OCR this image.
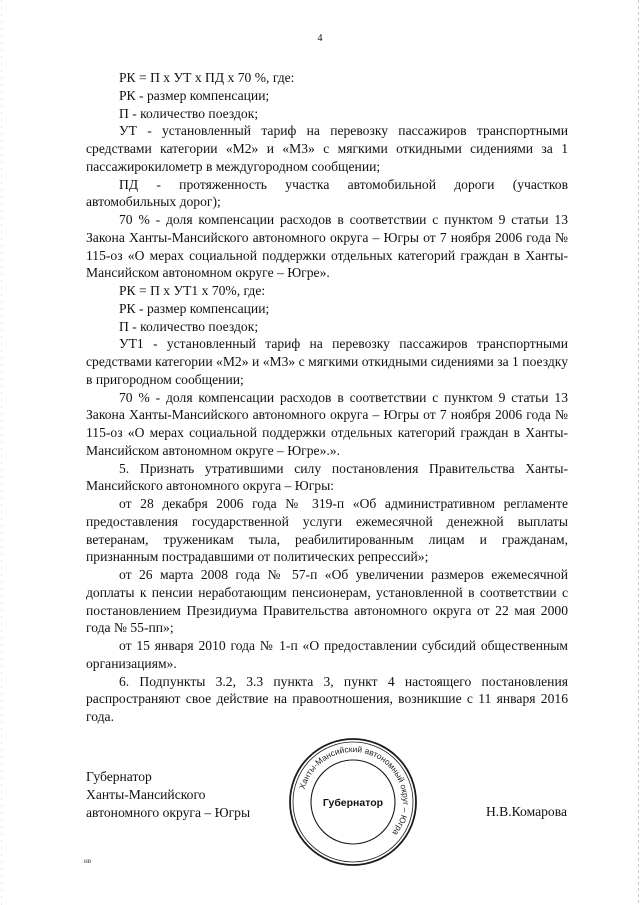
4

РК = П х УТ х ПД х 70 %, где:

РК - размер компенсации;

П - количество поездок;

УТ - установленный тариф на перевозку пассажиров транспортными средствами категории «М2» и «М3» с мягкими откидными сидениями за 1 пассажирокилометр в междугородном сообщении;

ПД - протяженность участка автомобильной дороги (участков автомобильных дорог);

70 % - доля компенсации расходов в соответствии с пунктом 9 статьи 13 Закона Ханты-Мансийского автономного округа – Югры от 7 ноября 2006 года № 115-оз «О мерах социальной поддержки отдельных категорий граждан в Ханты-Мансийском автономном округе – Югре».

РК = П х УТ1 х 70%, где:

РК - размер компенсации;

П - количество поездок;

УТ1 - установленный тариф на перевозку пассажиров транспортными средствами категории «М2» и «М3» с мягкими откидными сидениями за 1 поездку в пригородном сообщении;

70 % - доля компенсации расходов в соответствии с пунктом 9 статьи 13 Закона Ханты-Мансийского автономного округа – Югры от 7 ноября 2006 года № 115-оз «О мерах социальной поддержки отдельных категорий граждан в Ханты-Мансийском автономном округе – Югре».».

5. Признать утратившими силу постановления Правительства Ханты-Мансийского автономного округа – Югры:

от 28 декабря 2006 года № 319-п «Об административном регламенте предоставления государственной услуги ежемесячной денежной выплаты ветеранам, труженикам тыла, реабилитированным лицам и гражданам, признанным пострадавшими от политических репрессий»;

от 26 марта 2008 года № 57-п «Об увеличении размеров ежемесячной доплаты к пенсии неработающим пенсионерам, установленной в соответствии с постановлением Президиума Правительства автономного округа от 22 мая 2000 года № 55-пп»;

от 15 января 2010 года № 1-п «О предоставлении субсидий общественным организациям».

6. Подпункты 3.2, 3.3 пункта 3, пункт 4 настоящего постановления распространяют свое действие на правоотношения, возникшие с 11 января 2016 года.

Губернатор
Ханты-Мансийского
автономного округа – Югры	Н.В.Комарова
Ханты-Мансийский автономный округ – Югра
Губернатор
нв
